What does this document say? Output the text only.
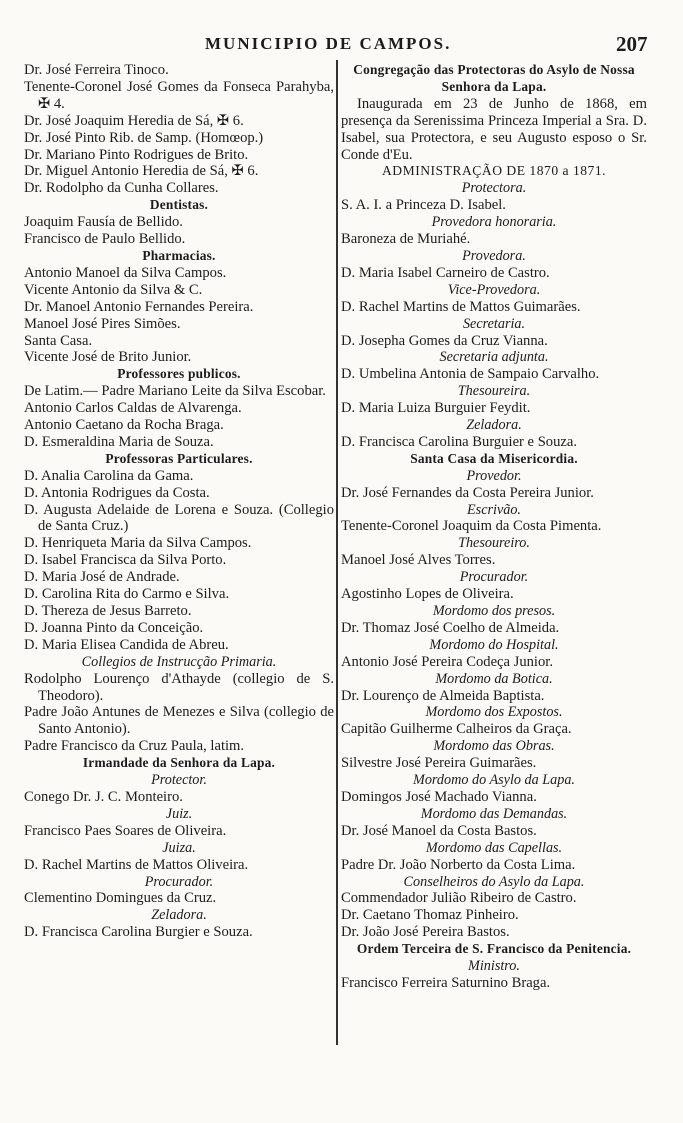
MUNICIPIO DE CAMPOS.	207
Dr. José Ferreira Tinoco.
Tenente-Coronel José Gomes da Fonseca Parahyba, ✠ 4.
Dr. José Joaquim Heredia de Sá, ✠ 6.
Dr. José Pinto Rib. de Samp. (Homœop.)
Dr. Mariano Pinto Rodrigues de Brito.
Dr. Miguel Antonio Heredia de Sá, ✠ 6.
Dr. Rodolpho da Cunha Collares.
Dentistas.
Joaquim Fausía de Bellido.
Francisco de Paulo Bellido.
Pharmacias.
Antonio Manoel da Silva Campos.
Vicente Antonio da Silva & C.
Dr. Manoel Antonio Fernandes Pereira.
Manoel José Pires Simões.
Santa Casa.
Vicente José de Brito Junior.
Professores publicos.
De Latim.— Padre Mariano Leite da Silva Escobar.
Antonio Carlos Caldas de Alvarenga.
Antonio Caetano da Rocha Braga.
D. Esmeraldina Maria de Souza.
Professoras Particulares.
D. Analia Carolina da Gama.
D. Antonia Rodrigues da Costa.
D. Augusta Adelaide de Lorena e Souza. (Collegio de Santa Cruz.)
D. Henriqueta Maria da Silva Campos.
D. Isabel Francisca da Silva Porto.
D. Maria José de Andrade.
D. Carolina Rita do Carmo e Silva.
D. Thereza de Jesus Barreto.
D. Joanna Pinto da Conceição.
D. Maria Elisea Candida de Abreu.
Collegios de Instrucção Primaria.
Rodolpho Lourenço d'Athayde (collegio de S. Theodoro).
Padre João Antunes de Menezes e Silva (collegio de Santo Antonio).
Padre Francisco da Cruz Paula, latim.
Irmandade da Senhora da Lapa.
Protector.
Conego Dr. J. C. Monteiro.
Juiz.
Francisco Paes Soares de Oliveira.
Juiza.
D. Rachel Martins de Mattos Oliveira.
Procurador.
Clementino Domingues da Cruz.
Zeladora.
D. Francisca Carolina Burgier e Souza.
Congregação das Protectoras do Asylo de Nossa Senhora da Lapa.
Inaugurada em 23 de Junho de 1868, em presença da Serenissima Princeza Imperial a Sra. D. Isabel, sua Protectora, e seu Augusto esposo o Sr. Conde d'Eu.
ADMINISTRAÇÃO DE 1870 a 1871.
Protectora.
S. A. I. a Princeza D. Isabel.
Provedora honoraria.
Baroneza de Muriahé.
Provedora.
D. Maria Isabel Carneiro de Castro.
Vice-Provedora.
D. Rachel Martins de Mattos Guimarães.
Secretaria.
D. Josepha Gomes da Cruz Vianna.
Secretaria adjunta.
D. Umbelina Antonia de Sampaio Carvalho.
Thesoureira.
D. Maria Luiza Burguier Feydit.
Zeladora.
D. Francisca Carolina Burguier e Souza.
Santa Casa da Misericordia.
Provedor.
Dr. José Fernandes da Costa Pereira Junior.
Escrivão.
Tenente-Coronel Joaquim da Costa Pimenta.
Thesoureiro.
Manoel José Alves Torres.
Procurador.
Agostinho Lopes de Oliveira.
Mordomo dos presos.
Dr. Thomaz José Coelho de Almeida.
Mordomo do Hospital.
Antonio José Pereira Codeça Junior.
Mordomo da Botica.
Dr. Lourenço de Almeida Baptista.
Mordomo dos Expostos.
Capitão Guilherme Calheiros da Graça.
Mordomo das Obras.
Silvestre José Pereira Guimarães.
Mordomo do Asylo da Lapa.
Domingos José Machado Vianna.
Mordomo das Demandas.
Dr. José Manoel da Costa Bastos.
Mordomo das Capellas.
Padre Dr. João Norberto da Costa Lima.
Conselheiros do Asylo da Lapa.
Commendador Julião Ribeiro de Castro.
Dr. Caetano Thomaz Pinheiro.
Dr. João José Pereira Bastos.
Ordem Terceira de S. Francisco da Penitencia.
Ministro.
Francisco Ferreira Saturnino Braga.
